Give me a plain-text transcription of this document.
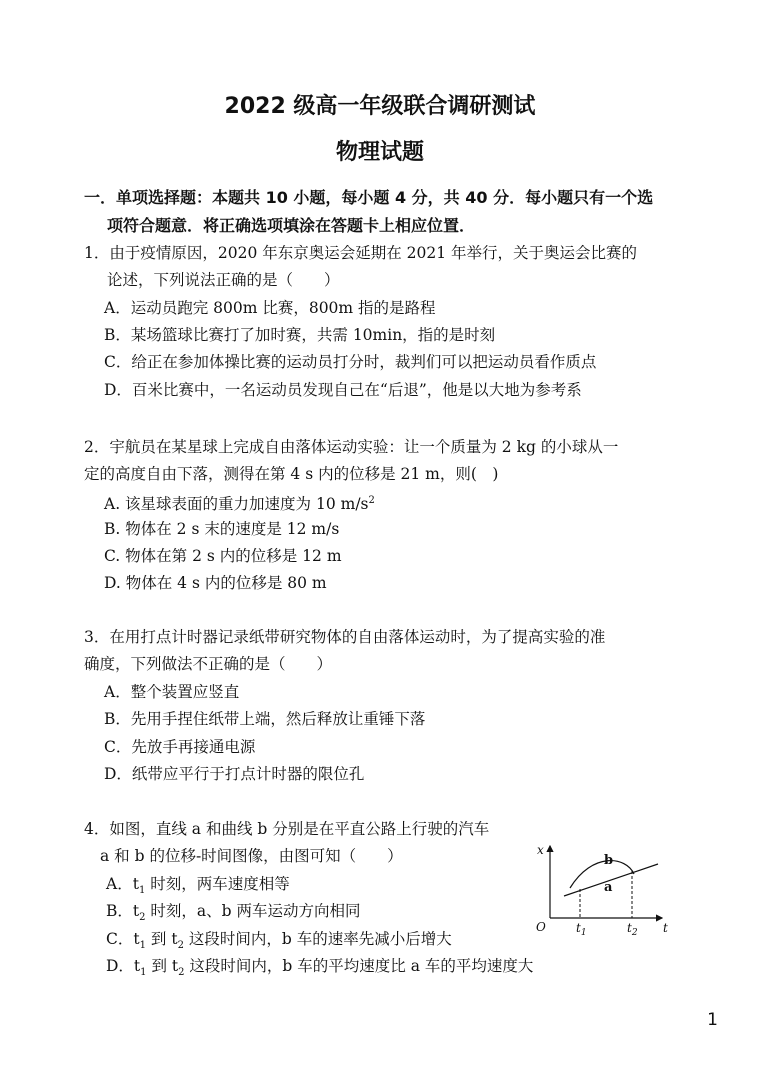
2022 级高一年级联合调研测试
物理试题
一．单项选择题：本题共 10 小题，每小题 4 分，共 40 分．每小题只有一个选
项符合题意．将正确选项填涂在答题卡上相应位置．
1．由于疫情原因，2020 年东京奥运会延期在 2021 年举行，关于奥运会比赛的
论述，下列说法正确的是（　　）
A．运动员跑完 800m 比赛，800m 指的是路程
B．某场篮球比赛打了加时赛，共需 10min，指的是时刻
C．给正在参加体操比赛的运动员打分时，裁判们可以把运动员看作质点
D．百米比赛中，一名运动员发现自己在“后退”，他是以大地为参考系
2．宇航员在某星球上完成自由落体运动实验：让一个质量为 2 kg 的小球从一
定的高度自由下落，测得在第 4 s 内的位移是 21 m，则(　)
A. 该星球表面的重力加速度为 10 $m/s^2$
B. 物体在 2 s 末的速度是 12 m/s
C. 物体在第 2 s 内的位移是 12 m
D. 物体在 4 s 内的位移是 80 m
3．在用打点计时器记录纸带研究物体的自由落体运动时，为了提高实验的准
确度，下列做法不正确的是（　　）
A．整个装置应竖直
B．先用手捏住纸带上端，然后释放让重锤下落
C．先放手再接通电源
D．纸带应平行于打点计时器的限位孔
4．如图，直线 a 和曲线 b 分别是在平直公路上行驶的汽车
a 和 b 的位移-时间图像，由图可知（　　）
A．$t_1$ 时刻，两车速度相等
B．$t_2$ 时刻，a、b 两车运动方向相同
C．$t_1$ 到 $t_2$ 这段时间内，b 车的速率先减小后增大
D．$t_1$ 到 $t_2$ 这段时间内，b 车的平均速度比 a 车的平均速度大
x
t
O
b
a
$t_1$	$t_2$
1
